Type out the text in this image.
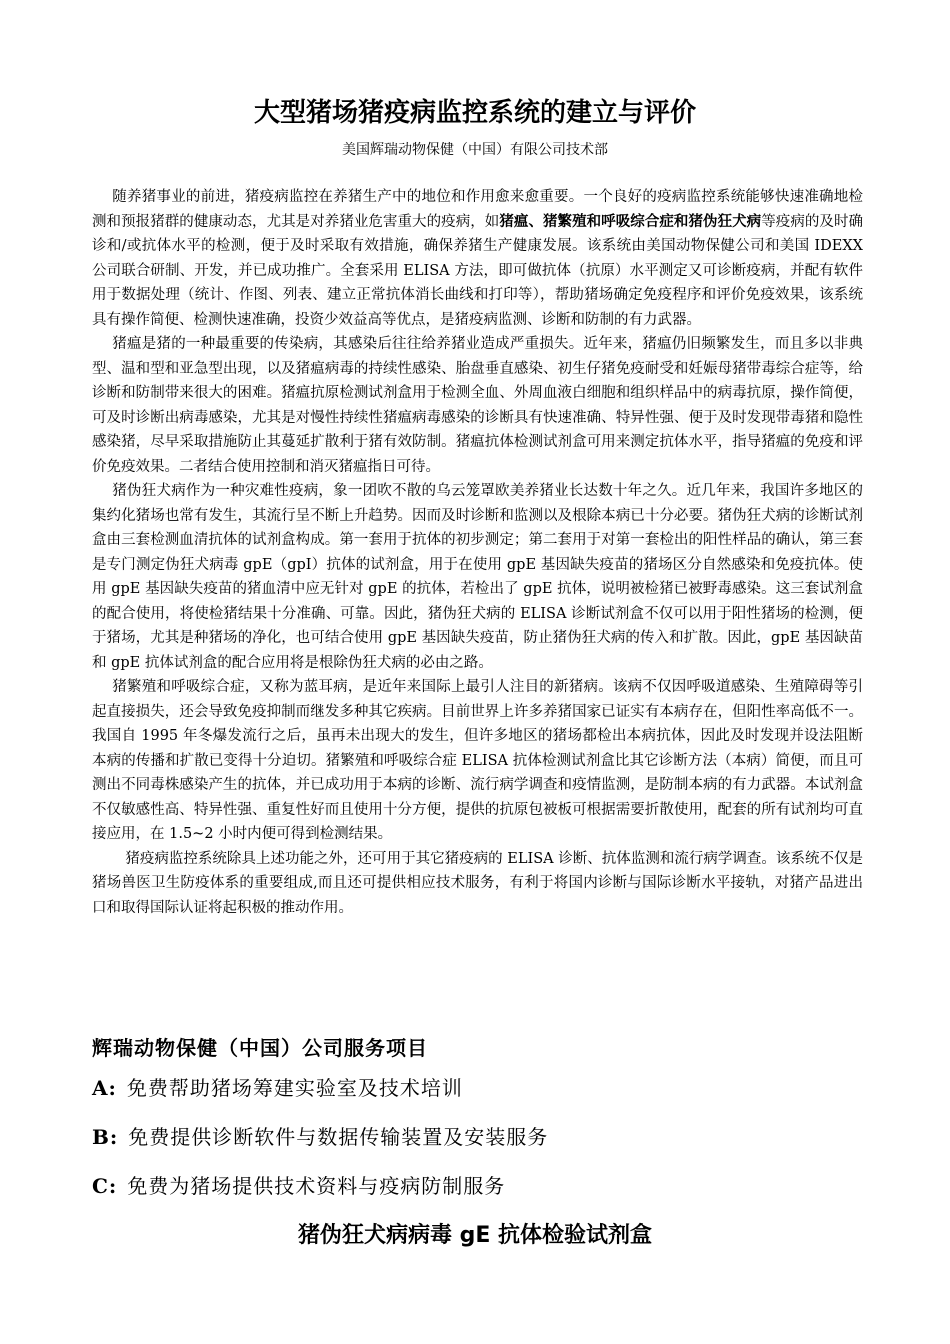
大型猪场猪疫病监控系统的建立与评价
美国辉瑞动物保健（中国）有限公司技术部

随养猪事业的前进，猪疫病监控在养猪生产中的地位和作用愈来愈重要。一个良好的疫病监控系统能够快速准确地检测和预报猪群的健康动态，尤其是对养猪业危害重大的疫病，如猪瘟、猪繁殖和呼吸综合症和猪伪狂犬病等疫病的及时确诊和/或抗体水平的检测，便于及时采取有效措施，确保养猪生产健康发展。该系统由美国动物保健公司和美国 IDEXX 公司联合研制、开发，并已成功推广。全套采用 ELISA 方法，即可做抗体（抗原）水平测定又可诊断疫病，并配有软件用于数据处理（统计、作图、列表、建立正常抗体消长曲线和打印等），帮助猪场确定免疫程序和评价免疫效果，该系统具有操作简便、检测快速准确，投资少效益高等优点，是猪疫病监测、诊断和防制的有力武器。

猪瘟是猪的一种最重要的传染病，其感染后往往给养猪业造成严重损失。近年来，猪瘟仍旧频繁发生，而且多以非典型、温和型和亚急型出现，以及猪瘟病毒的持续性感染、胎盘垂直感染、初生仔猪免疫耐受和妊娠母猪带毒综合症等，给诊断和防制带来很大的困难。猪瘟抗原检测试剂盒用于检测全血、外周血液白细胞和组织样品中的病毒抗原，操作简便，可及时诊断出病毒感染，尤其是对慢性持续性猪瘟病毒感染的诊断具有快速准确、特异性强、便于及时发现带毒猪和隐性感染猪，尽早采取措施防止其蔓延扩散利于猪有效防制。猪瘟抗体检测试剂盒可用来测定抗体水平，指导猪瘟的免疫和评价免疫效果。二者结合使用控制和消灭猪瘟指日可待。

猪伪狂犬病作为一种灾难性疫病，象一团吹不散的乌云笼罩欧美养猪业长达数十年之久。近几年来，我国许多地区的集约化猪场也常有发生，其流行呈不断上升趋势。因而及时诊断和监测以及根除本病已十分必要。猪伪狂犬病的诊断试剂盒由三套检测血清抗体的试剂盒构成。第一套用于抗体的初步测定；第二套用于对第一套检出的阳性样品的确认，第三套是专门测定伪狂犬病毒 gpE（gpI）抗体的试剂盒，用于在使用 gpE 基因缺失疫苗的猪场区分自然感染和免疫抗体。使用 gpE 基因缺失疫苗的猪血清中应无针对 gpE 的抗体，若检出了 gpE 抗体，说明被检猪已被野毒感染。这三套试剂盒的配合使用，将使检猪结果十分准确、可靠。因此，猪伪狂犬病的 ELISA 诊断试剂盒不仅可以用于阳性猪场的检测，便于猪场，尤其是种猪场的净化，也可结合使用 gpE 基因缺失疫苗，防止猪伪狂犬病的传入和扩散。因此，gpE 基因缺苗和 gpE 抗体试剂盒的配合应用将是根除伪狂犬病的必由之路。

猪繁殖和呼吸综合症，又称为蓝耳病，是近年来国际上最引人注目的新猪病。该病不仅因呼吸道感染、生殖障碍等引起直接损失，还会导致免疫抑制而继发多种其它疾病。目前世界上许多养猪国家已证实有本病存在，但阳性率高低不一。我国自 1995 年冬爆发流行之后，虽再未出现大的发生，但许多地区的猪场都检出本病抗体，因此及时发现并设法阻断本病的传播和扩散已变得十分迫切。猪繁殖和呼吸综合症 ELISA 抗体检测试剂盒比其它诊断方法（本病）简便，而且可测出不同毒株感染产生的抗体，并已成功用于本病的诊断、流行病学调查和疫情监测，是防制本病的有力武器。本试剂盒不仅敏感性高、特异性强、重复性好而且使用十分方便，提供的抗原包被板可根据需要折散使用，配套的所有试剂均可直接应用，在 1.5~2 小时内便可得到检测结果。

猪疫病监控系统除具上述功能之外，还可用于其它猪疫病的 ELISA 诊断、抗体监测和流行病学调查。该系统不仅是猪场兽医卫生防疫体系的重要组成,而且还可提供相应技术服务，有利于将国内诊断与国际诊断水平接轨，对猪产品进出口和取得国际认证将起积极的推动作用。

辉瑞动物保健（中国）公司服务项目
A: 免费帮助猪场筹建实验室及技术培训
B: 免费提供诊断软件与数据传输装置及安装服务
C: 免费为猪场提供技术资料与疫病防制服务
猪伪狂犬病病毒 gE 抗体检验试剂盒
